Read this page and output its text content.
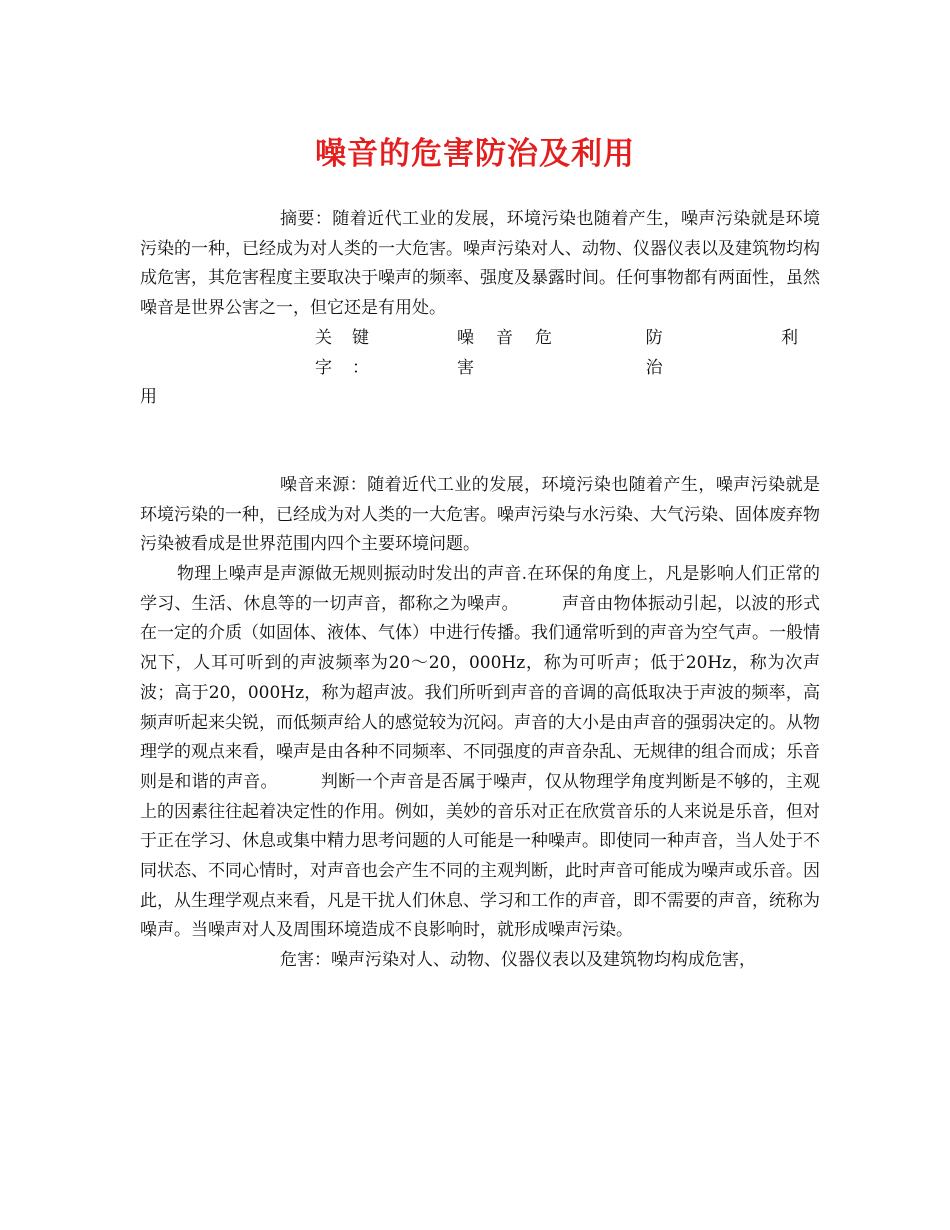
噪音的危害防治及利用

摘要：随着近代工业的发展，环境污染也随着产生，噪声污染就是环境污染的一种，已经成为对人类的一大危害。噪声污染对人、动物、仪器仪表以及建筑物均构成危害，其危害程度主要取决于噪声的频率、强度及暴露时间。任何事物都有两面性，虽然噪音是世界公害之一，但它还是有用处。

关键字：
噪音危害
防治
利

用

噪音来源：随着近代工业的发展，环境污染也随着产生，噪声污染就是环境污染的一种，已经成为对人类的一大危害。噪声污染与水污染、大气污染、固体废弃物污染被看成是世界范围内四个主要环境问题。

物理上噪声是声源做无规则振动时发出的声音.在环保的角度上，凡是影响人们正常的学习、生活、休息等的一切声音，都称之为噪声。　　　声音由物体振动引起，以波的形式在一定的介质（如固体、液体、气体）中进行传播。我们通常听到的声音为空气声。一般情况下，人耳可听到的声波频率为20～20，000Hz，称为可听声；低于20Hz，称为次声波；高于20，000Hz，称为超声波。我们所听到声音的音调的高低取决于声波的频率，高频声听起来尖锐，而低频声给人的感觉较为沉闷。声音的大小是由声音的强弱决定的。从物理学的观点来看，噪声是由各种不同频率、不同强度的声音杂乱、无规律的组合而成；乐音则是和谐的声音。　　　判断一个声音是否属于噪声，仅从物理学角度判断是不够的，主观上的因素往往起着决定性的作用。例如，美妙的音乐对正在欣赏音乐的人来说是乐音，但对于正在学习、休息或集中精力思考问题的人可能是一种噪声。即使同一种声音，当人处于不同状态、不同心情时，对声音也会产生不同的主观判断，此时声音可能成为噪声或乐音。因此，从生理学观点来看，凡是干扰人们休息、学习和工作的声音，即不需要的声音，统称为噪声。当噪声对人及周围环境造成不良影响时，就形成噪声污染。

危害：噪声污染对人、动物、仪器仪表以及建筑物均构成危害，
